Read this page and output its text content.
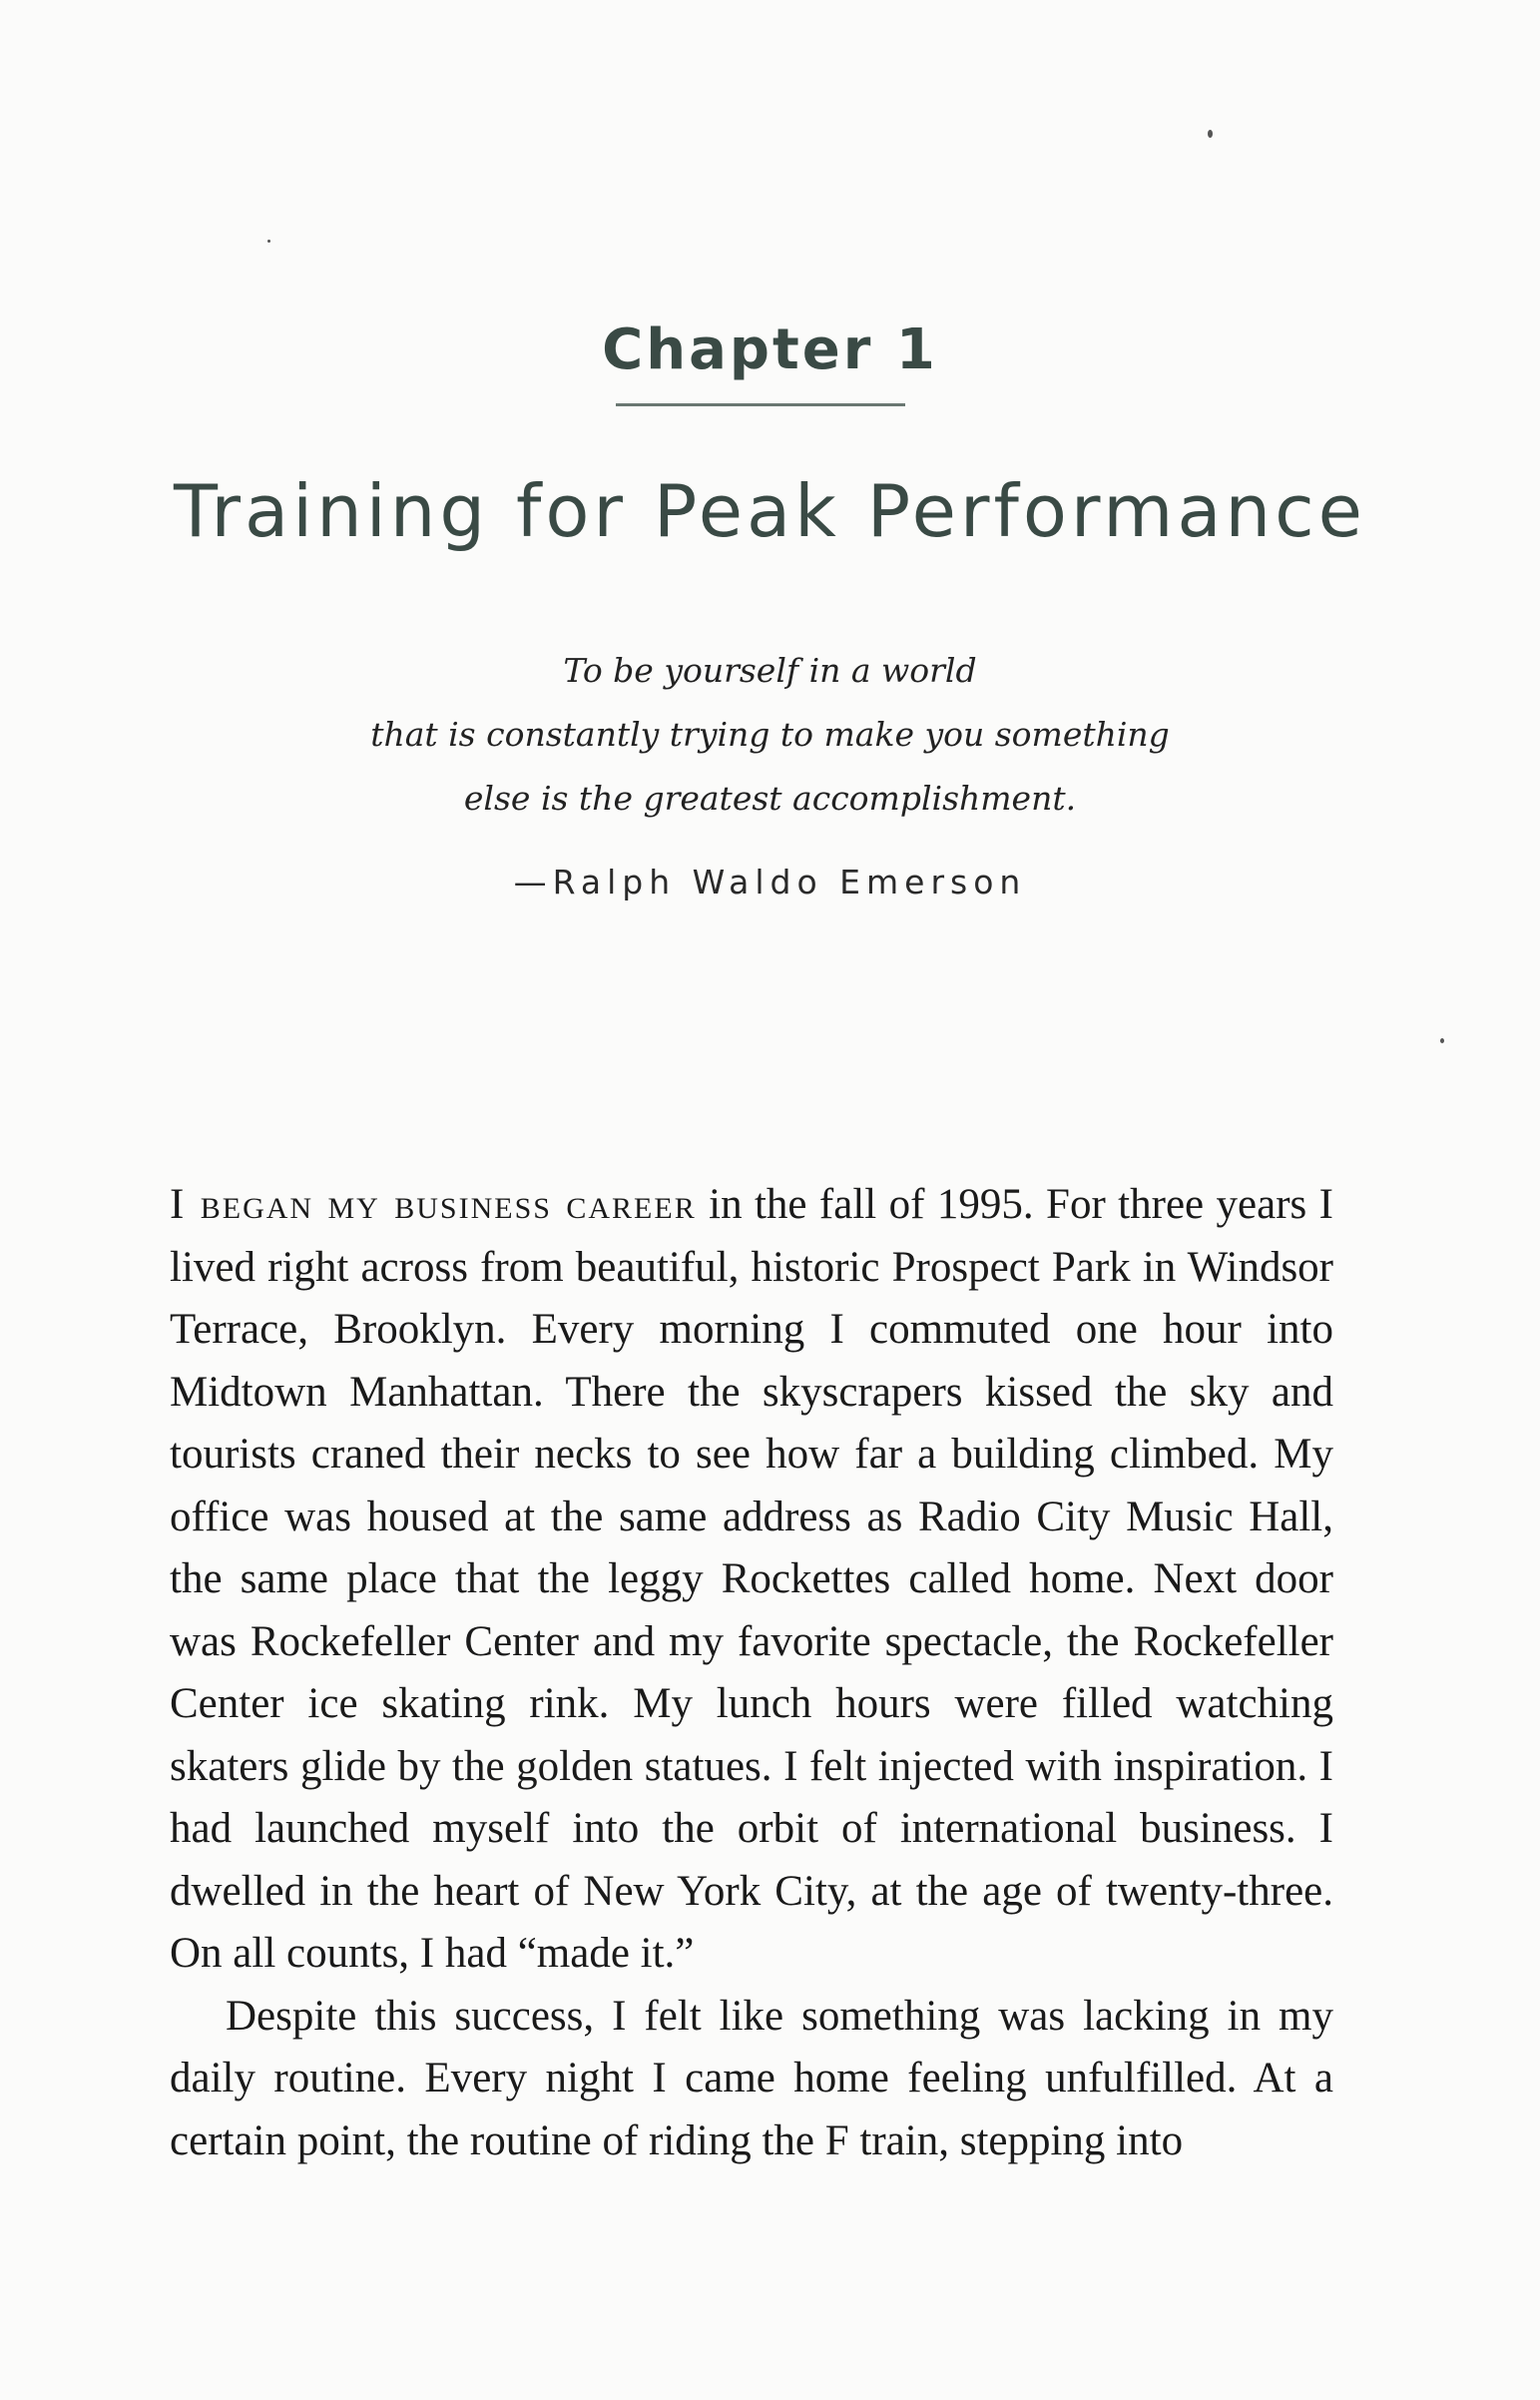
Chapter 1
Training for Peak Performance
To be yourself in a world
that is constantly trying to make you something
else is the greatest accomplishment.
—Ralph Waldo Emerson

I began my business career in the fall of 1995. For three years I lived right across from beautiful, historic Prospect Park in Windsor Terrace, Brooklyn. Every morning I commuted one hour into Midtown Manhattan. There the skyscrapers kissed the sky and tourists craned their necks to see how far a building climbed. My office was housed at the same address as Radio City Music Hall, the same place that the leggy Rockettes called home. Next door was Rockefeller Center and my favorite spectacle, the Rockefeller Center ice skating rink. My lunch hours were filled watching skaters glide by the golden statues. I felt injected with inspiration. I had launched myself into the orbit of international business. I dwelled in the heart of New York City, at the age of twenty-three. On all counts, I had “made it.”

Despite this success, I felt like something was lacking in my daily routine. Every night I came home feeling unfulfilled. At a certain point, the routine of riding the F train, stepping into
